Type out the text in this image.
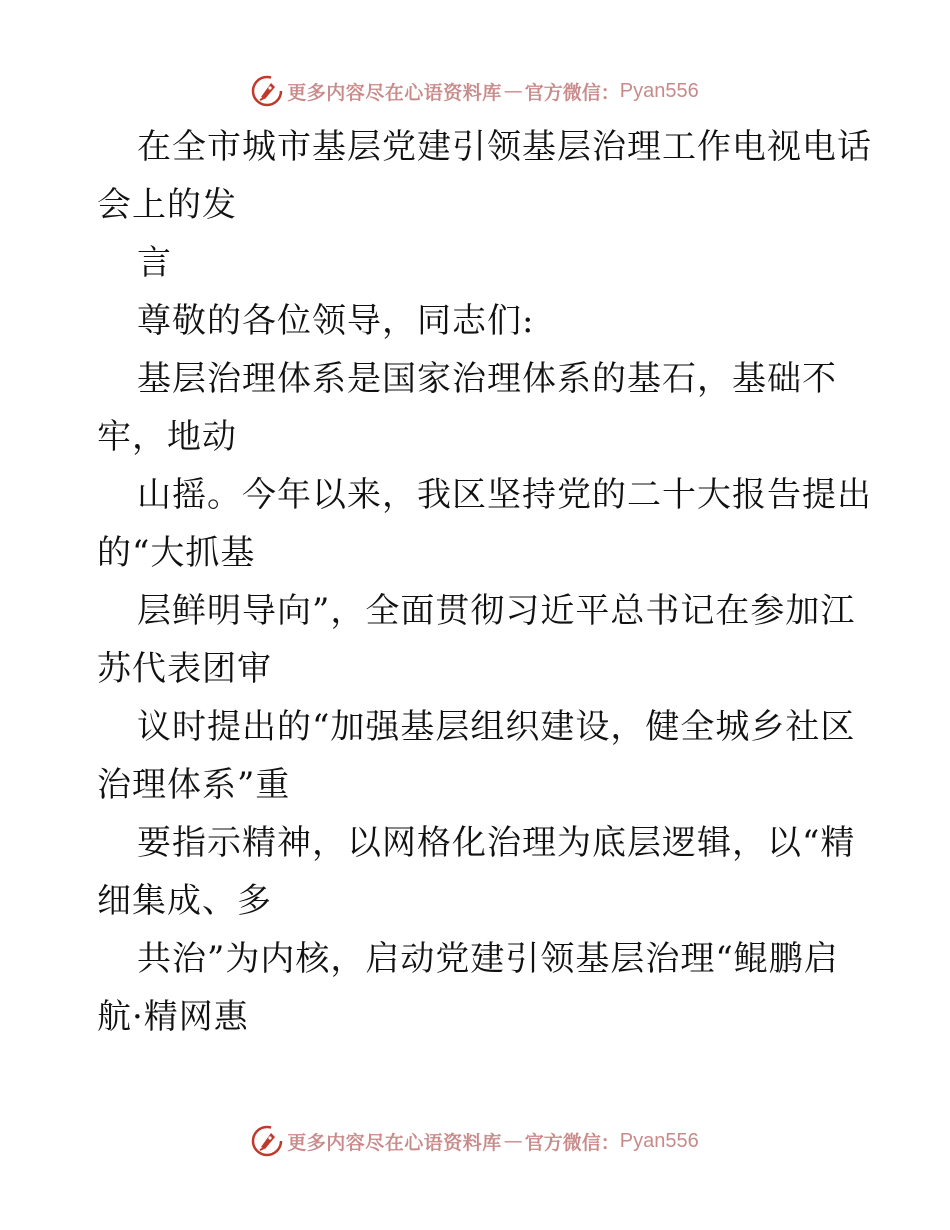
更多内容尽在心语资料库 — 官方微信： Pyan556
在全市城市基层党建引领基层治理工作电视电话
会上的发
言
尊敬的各位领导，同志们:
基层治理体系是国家治理体系的基石，基础不
牢，地动
山摇。今年以来，我区坚持党的二十大报告提出
的“大抓基
层鲜明导向”，全面贯彻习近平总书记在参加江
苏代表团审
议时提出的“加强基层组织建设，健全城乡社区
治理体系”重
要指示精神，以网格化治理为底层逻辑，以“精
细集成、多
共治”为内核，启动党建引领基层治理“鲲鹏启
航·精网惠
更多内容尽在心语资料库 — 官方微信： Pyan556
